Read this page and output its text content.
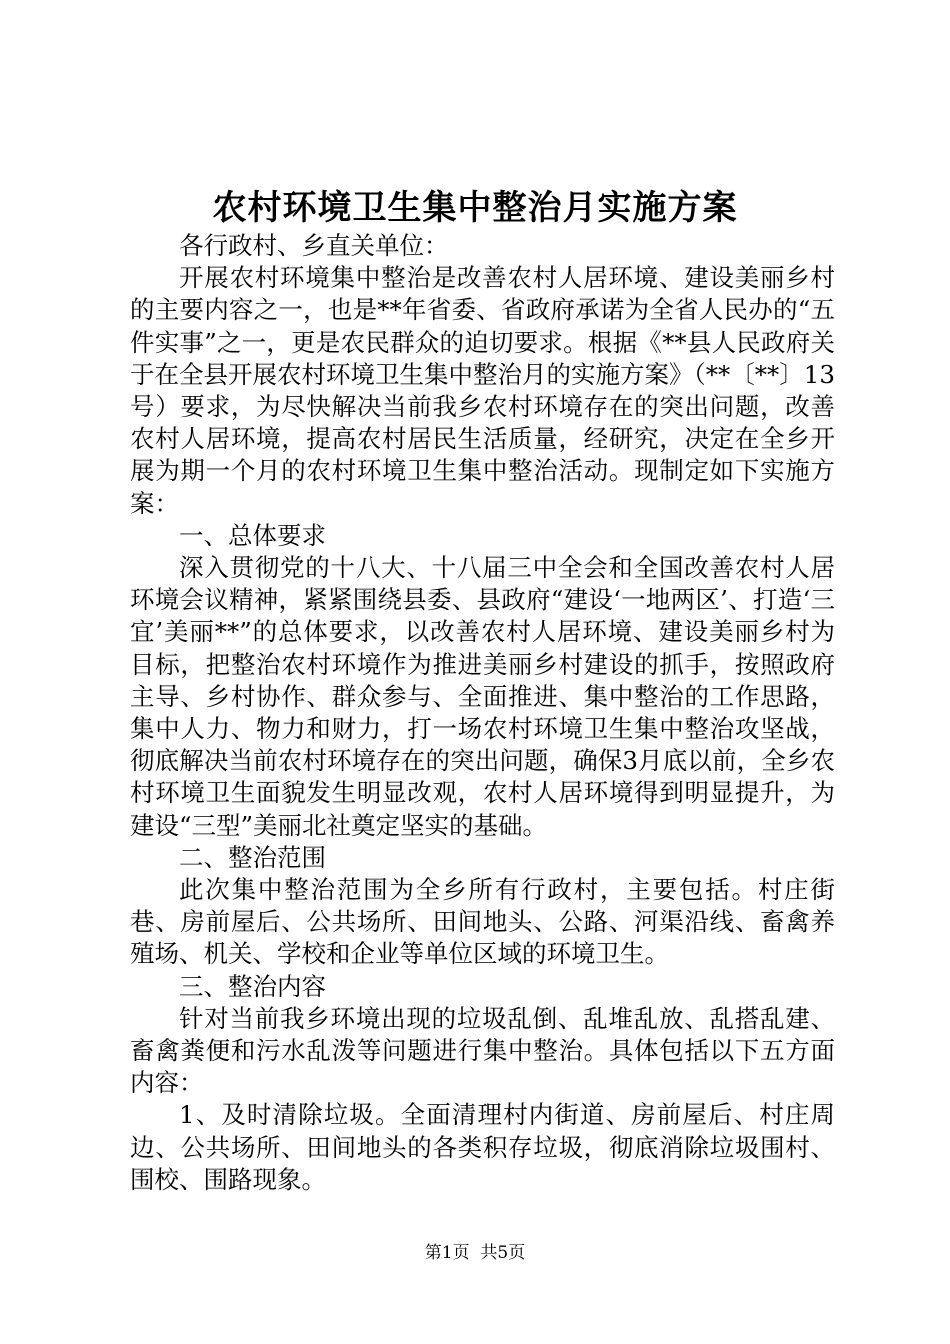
农村环境卫生集中整治月实施方案

各行政村、乡直关单位：

开展农村环境集中整治是改善农村人居环境、建设美丽乡村的主要内容之一，也是**年省委、省政府承诺为全省人民办的“五件实事”之一，更是农民群众的迫切要求。根据《**县人民政府关于在全县开展农村环境卫生集中整治月的实施方案》（**〔**〕13号）要求，为尽快解决当前我乡农村环境存在的突出问题，改善农村人居环境，提高农村居民生活质量，经研究，决定在全乡开展为期一个月的农村环境卫生集中整治活动。现制定如下实施方案：

一、总体要求

深入贯彻党的十八大、十八届三中全会和全国改善农村人居环境会议精神，紧紧围绕县委、县政府“建设‘一地两区’、打造‘三宜’美丽**”的总体要求，以改善农村人居环境、建设美丽乡村为目标，把整治农村环境作为推进美丽乡村建设的抓手，按照政府主导、乡村协作、群众参与、全面推进、集中整治的工作思路，集中人力、物力和财力，打一场农村环境卫生集中整治攻坚战，彻底解决当前农村环境存在的突出问题，确保3月底以前，全乡农村环境卫生面貌发生明显改观，农村人居环境得到明显提升，为建设“三型”美丽北社奠定坚实的基础。

二、整治范围

此次集中整治范围为全乡所有行政村，主要包括。村庄街巷、房前屋后、公共场所、田间地头、公路、河渠沿线、畜禽养殖场、机关、学校和企业等单位区域的环境卫生。

三、整治内容

针对当前我乡环境出现的垃圾乱倒、乱堆乱放、乱搭乱建、畜禽粪便和污水乱泼等问题进行集中整治。具体包括以下五方面内容：

1、及时清除垃圾。全面清理村内街道、房前屋后、村庄周边、公共场所、田间地头的各类积存垃圾，彻底消除垃圾围村、围校、围路现象。

第1页 共5页
